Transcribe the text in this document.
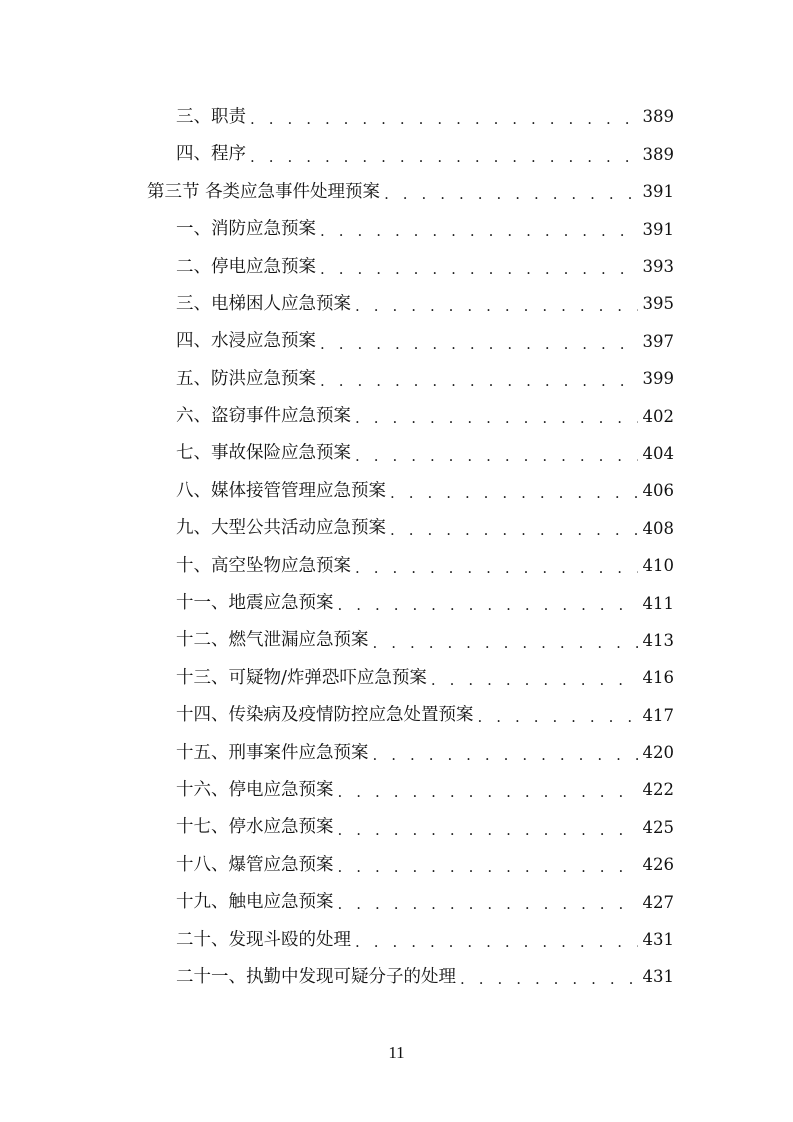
三、职责 . . .	389
四、程序 . . .	389
第三节 各类应急事件处理预案 . . .	391
一、消防应急预案 . . .	391
二、停电应急预案 . . .	393
三、电梯困人应急预案 . . .	395
四、水浸应急预案 . . .	397
五、防洪应急预案 . . .	399
六、盗窃事件应急预案 . . .	402
七、事故保险应急预案 . . .	404
八、媒体接管管理应急预案 . . .	406
九、大型公共活动应急预案 . . .	408
十、高空坠物应急预案 . . .	410
十一、地震应急预案 . . .	411
十二、燃气泄漏应急预案 . . .	413
十三、可疑物/炸弹恐吓应急预案 . . .	416
十四、传染病及疫情防控应急处置预案 . . .	417
十五、刑事案件应急预案 . . .	420
十六、停电应急预案 . . .	422
十七、停水应急预案 . . .	425
十八、爆管应急预案 . . .	426
十九、触电应急预案 . . .	427
二十、发现斗殴的处理 . . .	431
二十一、执勤中发现可疑分子的处理 . . .	431
11
